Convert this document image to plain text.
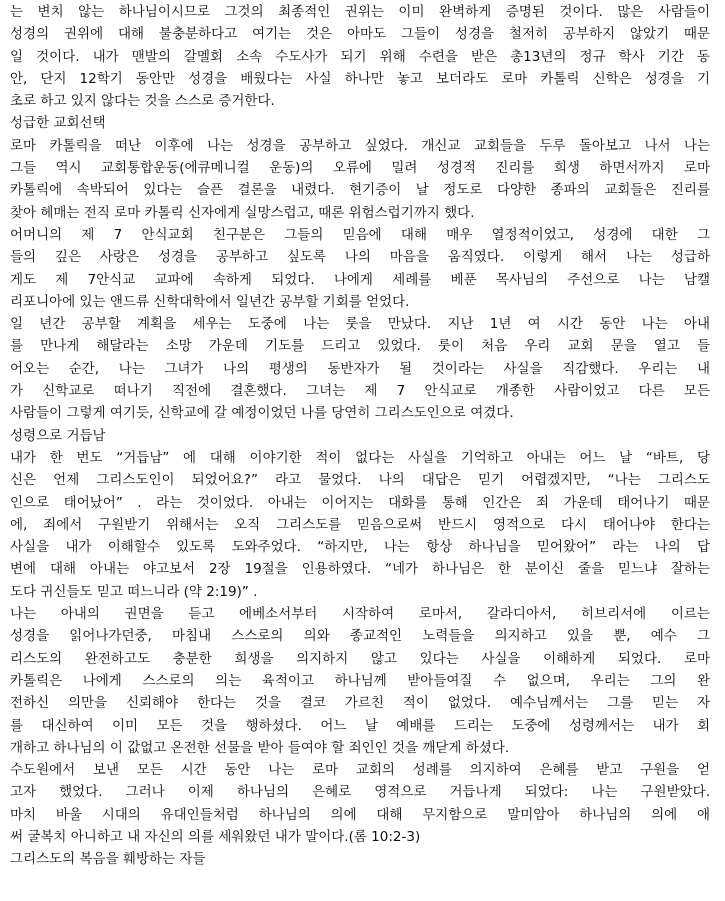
는 변치 않는 하나님이시므로 그것의 최종적인 권위는 이미 완벽하게 증명된 것이다. 많은 사람들이
성경의 권위에 대해 불충분하다고 여기는 것은 아마도 그들이 성경을 철저히 공부하지 않았기 때문
일 것이다. 내가 맨발의 갈멜회 소속 수도사가 되기 위해 수련을 받은 총13년의 정규 학사 기간 동
안, 단지 12학기 동안만 성경을 배웠다는 사실 하나만 놓고 보더라도 로마 카톨릭 신학은 성경을 기
초로 하고 있지 않다는 것을 스스로 증거한다.
성급한 교회선택
로마 카톨릭을 떠난 이후에 나는 성경을 공부하고 싶었다. 개신교 교회들을 두루 돌아보고 나서 나는
그들 역시 교회통합운동(에큐메니컬 운동)의 오류에 밀려 성경적 진리를 희생 하면서까지 로마
카톨릭에 속박되어 있다는 슬픈 결론을 내렸다. 현기증이 날 정도로 다양한 종파의 교회들은 진리를
찾아 헤매는 전직 로마 카톨릭 신자에게 실망스럽고, 때론 위험스럽기까지 했다.
어머니의 제 7 안식교회 친구분은 그들의 믿음에 대해 매우 열정적이었고, 성경에 대한 그
들의 깊은 사랑은 성경을 공부하고 싶도록 나의 마음을 움직였다. 이렇게 해서 나는 성급하
게도 제 7안식교 교파에 속하게 되었다. 나에게 세례를 베푼 목사님의 주선으로 나는 남캘
리포니아에 있는 앤드류 신학대학에서 일년간 공부할 기회를 얻었다.
일 년간 공부할 계획을 세우는 도중에 나는 룻을 만났다. 지난 1년 여 시간 동안 나는 아내
를 만나게 해달라는 소망 가운데 기도를 드리고 있었다. 룻이 처음 우리 교회 문을 열고 들
어오는 순간, 나는 그녀가 나의 평생의 동반자가 될 것이라는 사실을 직감했다. 우리는 내
가 신학교로 떠나기 직전에 결혼했다. 그녀는 제 7 안식교로 개종한 사람이었고 다른 모든
사람들이 그렇게 여기듯, 신학교에 갈 예정이었던 나를 당연히 그리스도인으로 여겼다.
성령으로 거듭남
내가 한 번도 “거듭남” 에 대해 이야기한 적이 없다는 사실을 기억하고 아내는 어느 날 “바트, 당
신은 언제 그리스도인이 되었어요?” 라고 물었다. 나의 대답은 믿기 어렵겠지만, “나는 그리스도
인으로 태어났어” . 라는 것이었다. 아내는 이어지는 대화를 통해 인간은 죄 가운데 태어나기 때문
에, 죄에서 구원받기 위해서는 오직 그리스도를 믿음으로써 반드시 영적으로 다시 태어나야 한다는
사실을 내가 이해할수 있도록 도와주었다. “하지만, 나는 항상 하나님을 믿어왔어” 라는 나의 답
변에 대해 아내는 야고보서 2장 19절을 인용하였다. “네가 하나님은 한 분이신 줄을 믿느냐 잘하는
도다 귀신들도 믿고 떠느니라 (약 2:19)” .
나는 아내의 권면을 듣고 에베소서부터 시작하여 로마서, 갈라디아서, 히브리서에 이르는
성경을 읽어나가던중, 마침내 스스로의 의와 종교적인 노력들을 의지하고 있을 뿐, 예수 그
리스도의 완전하고도 충분한 희생을 의지하지 않고 있다는 사실을 이해하게 되었다. 로마
카톨릭은 나에게 스스로의 의는 육적이고 하나님께 받아들여질 수 없으며, 우리는 그의 완
전하신 의만을 신뢰해야 한다는 것을 결코 가르친 적이 없었다. 예수님께서는 그를 믿는 자
를 대신하여 이미 모든 것을 행하셨다. 어느 날 예배를 드리는 도중에 성령께서는 내가 회
개하고 하나님의 이 값없고 온전한 선물을 받아 들여야 할 죄인인 것을 깨닫게 하셨다.
수도원에서 보낸 모든 시간 동안 나는 로마 교회의 성례를 의지하여 은혜를 받고 구원을 얻
고자 했었다. 그러나 이제 하나님의 은혜로 영적으로 거듭나게 되었다: 나는 구원받았다.
마치 바울 시대의 유대인들처럼 하나님의 의에 대해 무지함으로 말미암아 하나님의 의에 애
써 굴복치 아니하고 내 자신의 의를 세워왔던 내가 말이다.(롬 10:2-3)
그리스도의 복음을 훼방하는 자들
